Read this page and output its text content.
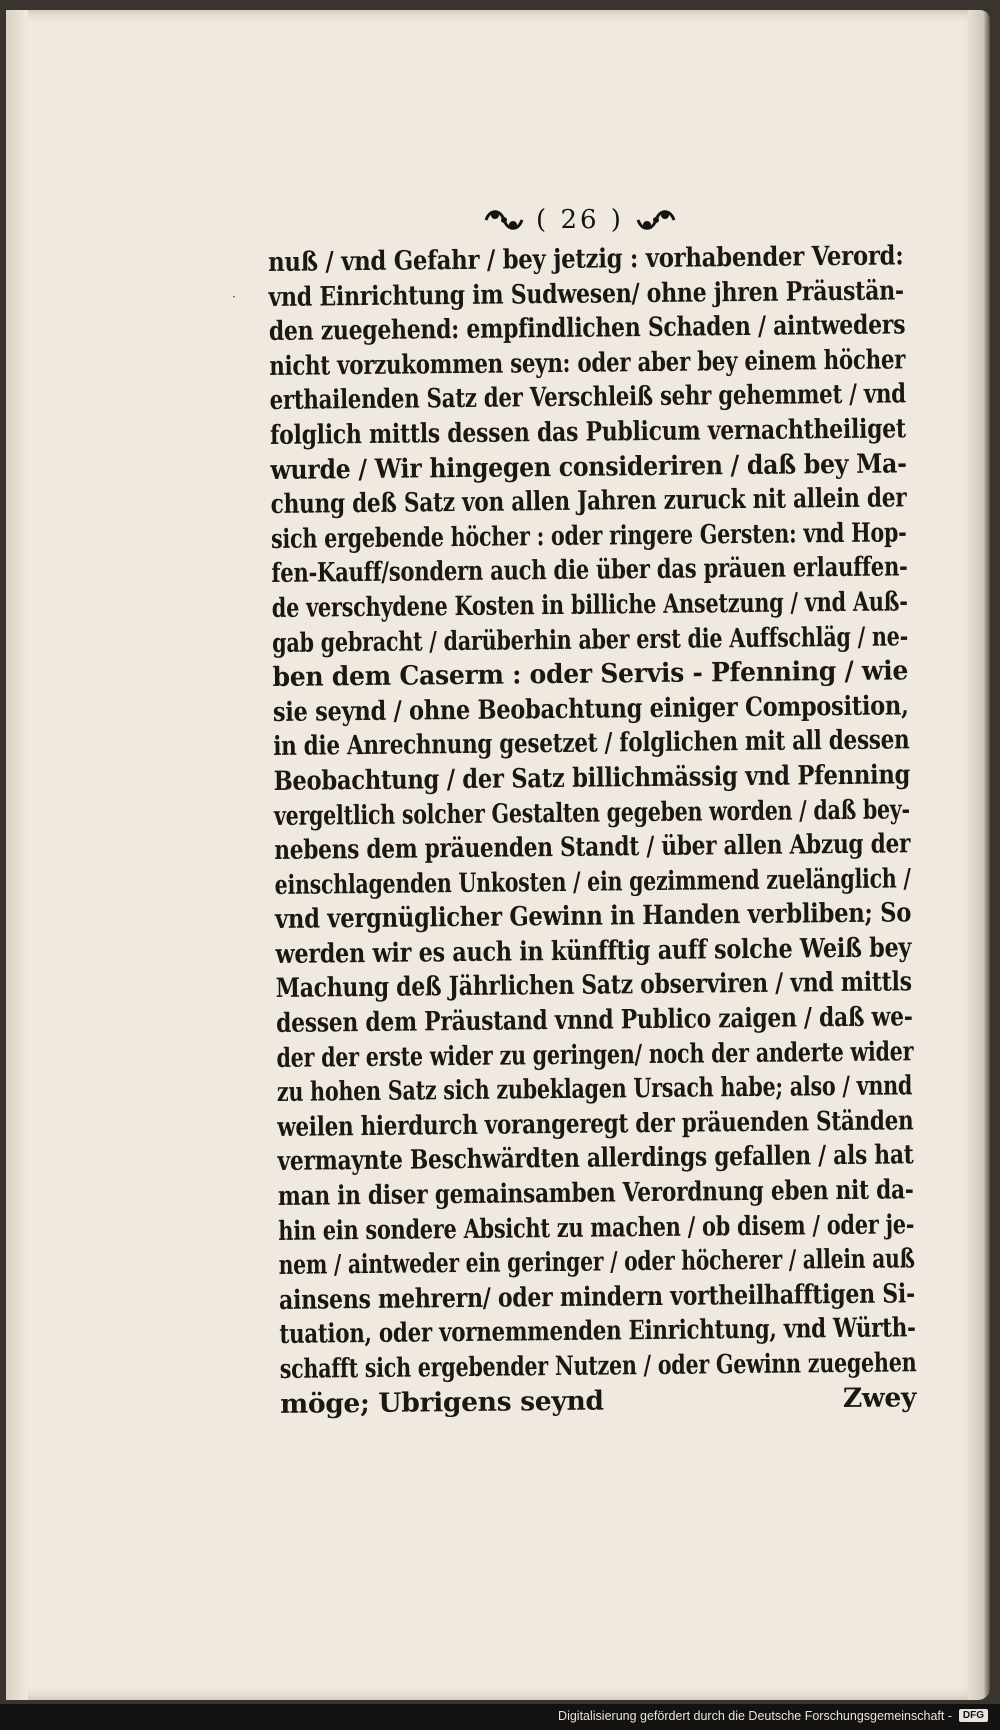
·
( 26 )
nuß / vnd Gefahr / bey jetzig : vorhabender Verord:
vnd Einrichtung im Sudwesen/ ohne jhren Präustän-
den zuegehend: empfindlichen Schaden / aintweders
nicht vorzukommen seyn: oder aber bey einem höcher
erthailenden Satz der Verschleiß sehr gehemmet / vnd
folglich mittls dessen das Publicum vernachtheiliget
wurde / Wir hingegen consideriren / daß bey Ma-
chung deß Satz von allen Jahren zuruck nit allein der
sich ergebende höcher : oder ringere Gersten: vnd Hop-
fen-Kauff/sondern auch die über das präuen erlauffen-
de verschydene Kosten in billiche Ansetzung / vnd Auß-
gab gebracht / darüberhin aber erst die Auffschläg / ne-
ben dem Caserm : oder Servis - Pfenning / wie
sie seynd / ohne Beobachtung einiger Composition,
in die Anrechnung gesetzet / folglichen mit all dessen
Beobachtung / der Satz billichmässig vnd Pfenning
vergeltlich solcher Gestalten gegeben worden / daß bey-
nebens dem präuenden Standt / über allen Abzug der
einschlagenden Unkosten / ein gezimmend zuelänglich /
vnd vergnüglicher Gewinn in Handen verbliben; So
werden wir es auch in künfftig auff solche Weiß bey
Machung deß Jährlichen Satz observiren / vnd mittls
dessen dem Präustand vnnd Publico zaigen / daß we-
der der erste wider zu geringen/ noch der anderte wider
zu hohen Satz sich zubeklagen Ursach habe; also / vnnd
weilen hierdurch vorangeregt der präuenden Ständen
vermaynte Beschwärdten allerdings gefallen / als hat
man in diser gemainsamben Verordnung eben nit da-
hin ein sondere Absicht zu machen / ob disem / oder je-
nem / aintweder ein geringer / oder höcherer / allein auß
ainsens mehrern/ oder mindern vortheilhafftigen Si-
tuation, oder vornemmenden Einrichtung, vnd Würth-
schafft sich ergebender Nutzen / oder Gewinn zuegehen
möge; Ubrigens seynd	Zwey
Digitalisierung gefördert durch die Deutsche Forschungsgemeinschaft -	DFG
